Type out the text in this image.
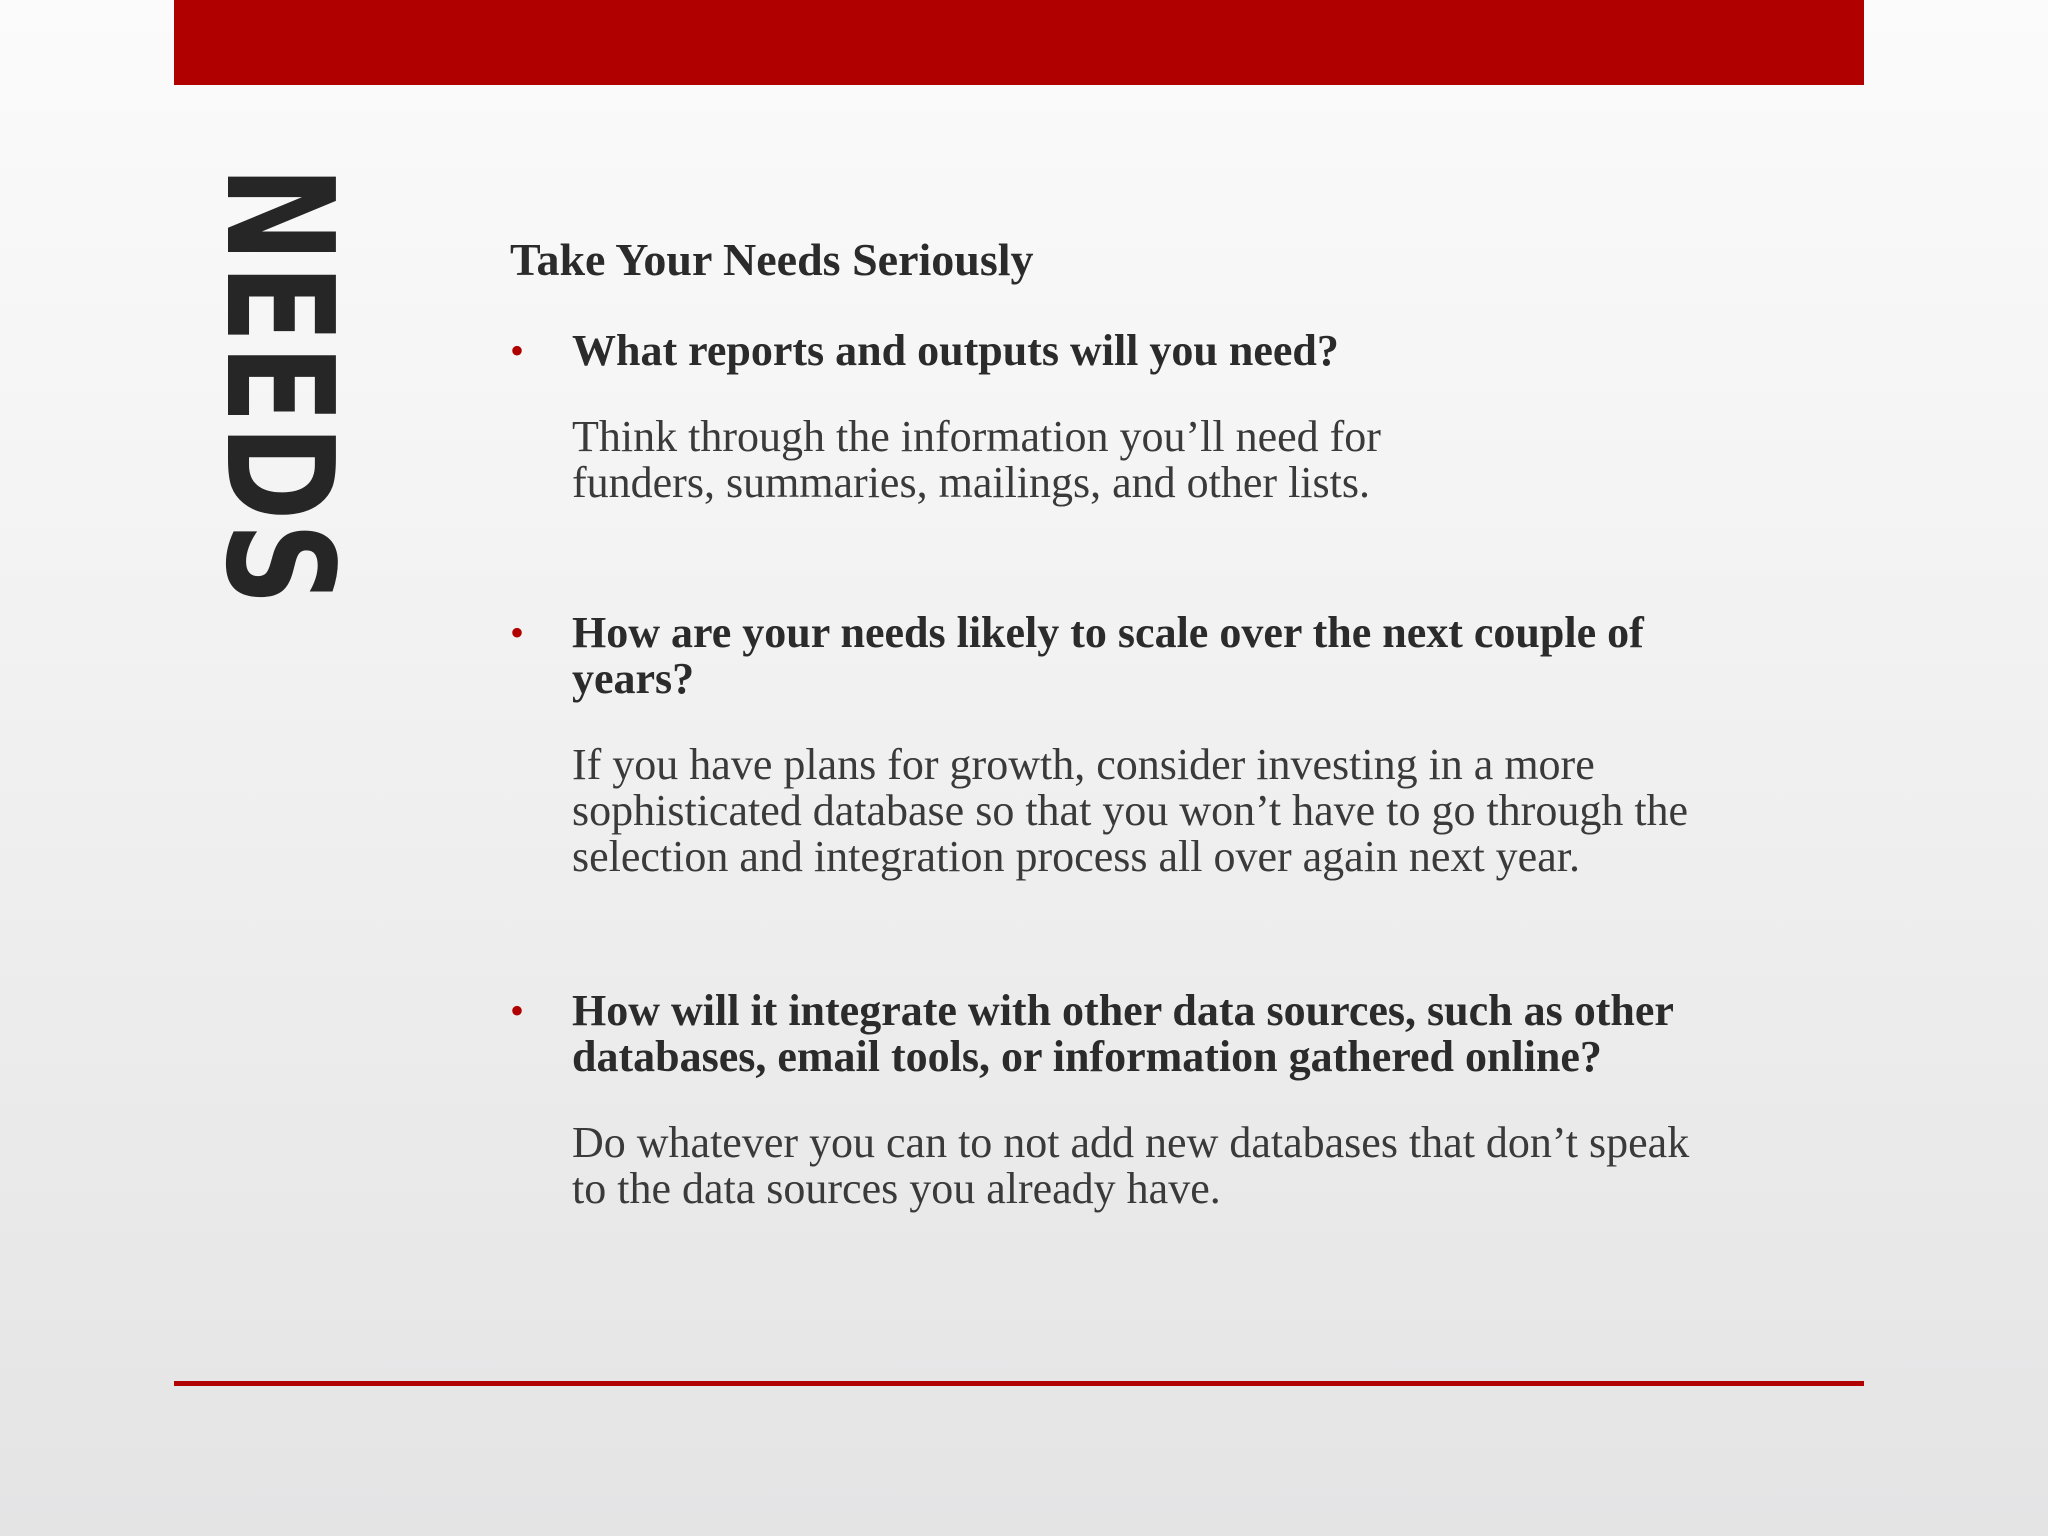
NEEDS	Take Your Needs Seriously
• What reports and outputs will you need?
Think through the information you’ll need for
funders, summaries, mailings, and other lists.
• How are your needs likely to scale over the next couple of
years?
If you have plans for growth, consider investing in a more
sophisticated database so that you won’t have to go through the
selection and integration process all over again next year.
• How will it integrate with other data sources, such as other
databases, email tools, or information gathered online?
Do whatever you can to not add new databases that don’t speak
to the data sources you already have.
